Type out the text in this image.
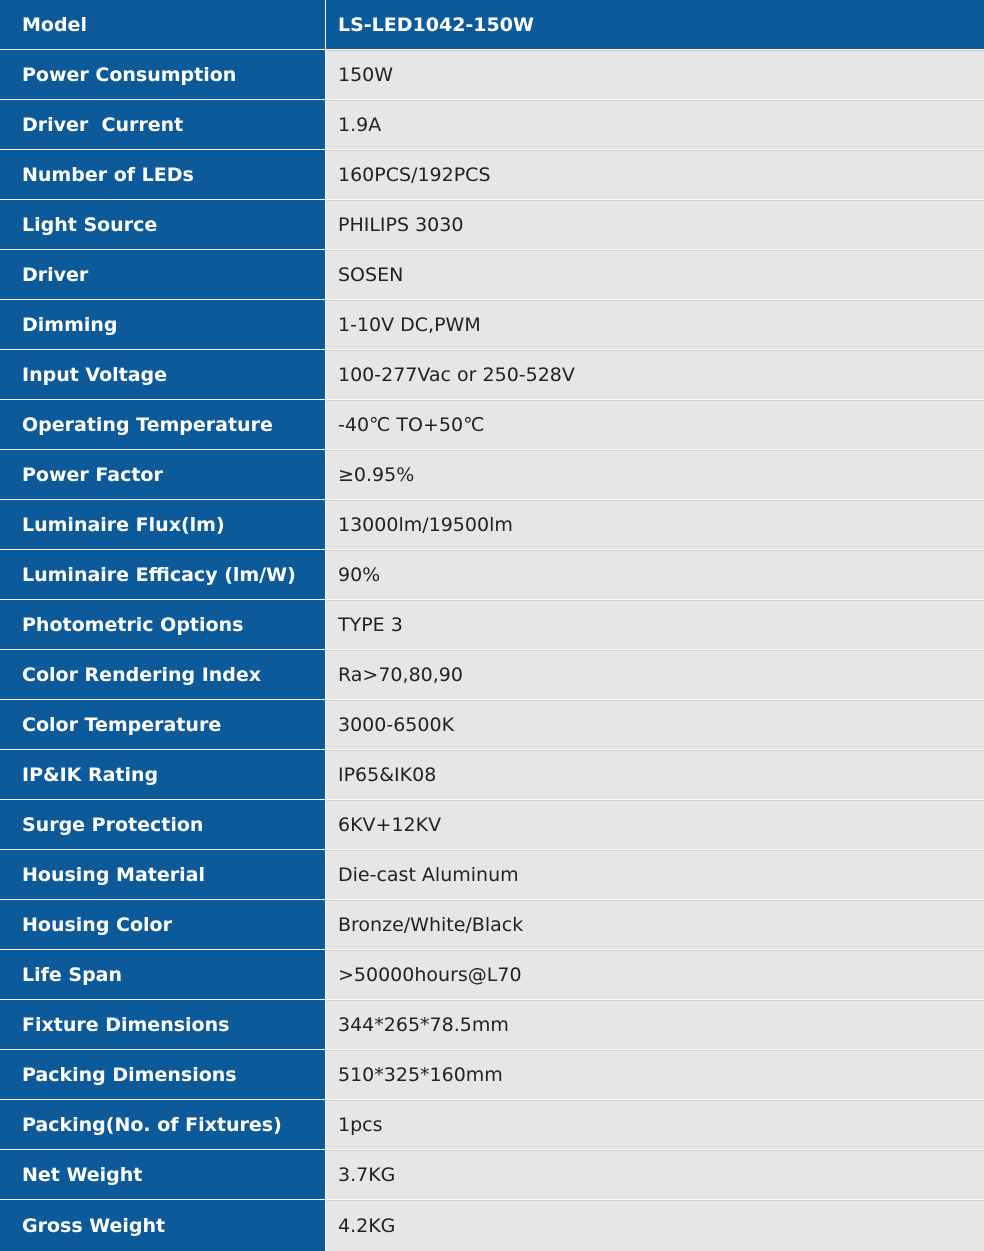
Model	LS-LED1042-150W
Power Consumption	150W
Driver  Current	1.9A
Number of LEDs	160PCS/192PCS
Light Source	PHILIPS 3030
Driver	SOSEN
Dimming	1-10V DC,PWM
Input Voltage	100-277Vac or 250-528V
Operating Temperature	-40℃ TO+50℃
Power Factor	≥0.95%
Luminaire Flux(lm)	13000lm/19500lm
Luminaire Efficacy (lm/W)	90%
Photometric Options	TYPE 3
Color Rendering Index	Ra>70,80,90
Color Temperature	3000-6500K
IP&IK Rating	IP65&IK08
Surge Protection	6KV+12KV
Housing Material	Die-cast Aluminum
Housing Color	Bronze/White/Black
Life Span	>50000hours@L70
Fixture Dimensions	344*265*78.5mm
Packing Dimensions	510*325*160mm
Packing(No. of Fixtures)	1pcs
Net Weight	3.7KG
Gross Weight	4.2KG
